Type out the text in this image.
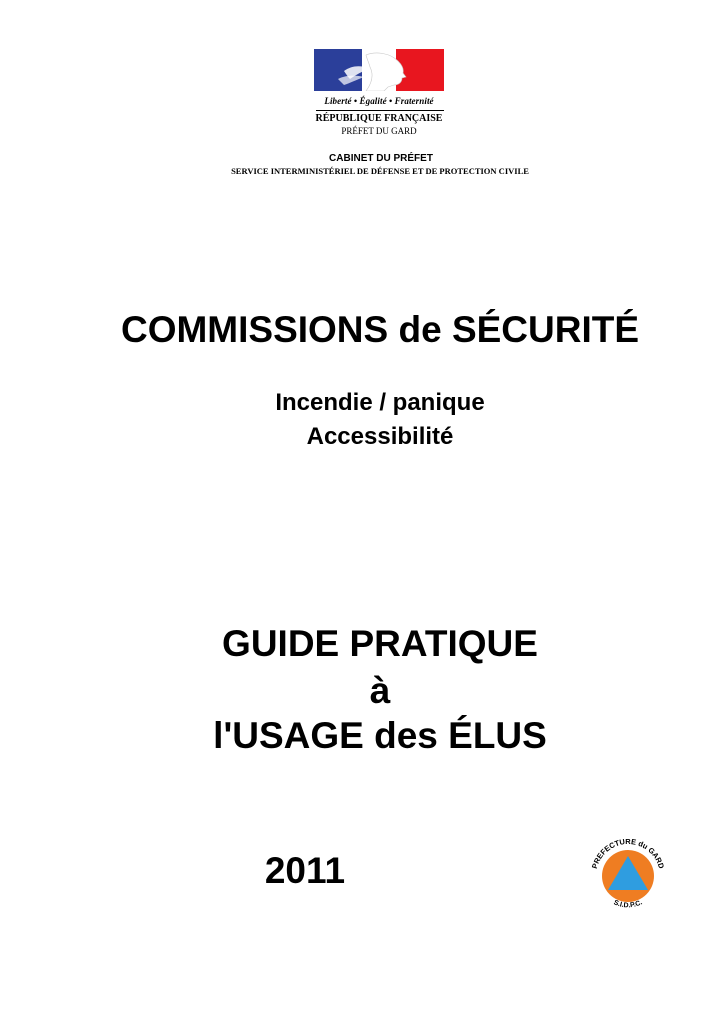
Liberté • Égalité • Fraternité
RÉPUBLIQUE FRANÇAISE
PRÉFET DU GARD
CABINET DU PRÉFET
SERVICE INTERMINISTÉRIEL DE DÉFENSE ET DE PROTECTION CIVILE
COMMISSIONS de SÉCURITÉ
Incendie / panique
Accessibilité
GUIDE PRATIQUE
à
l'USAGE des ÉLUS
2011	PREFECTURE du GARD
S.I.D.P.C.
